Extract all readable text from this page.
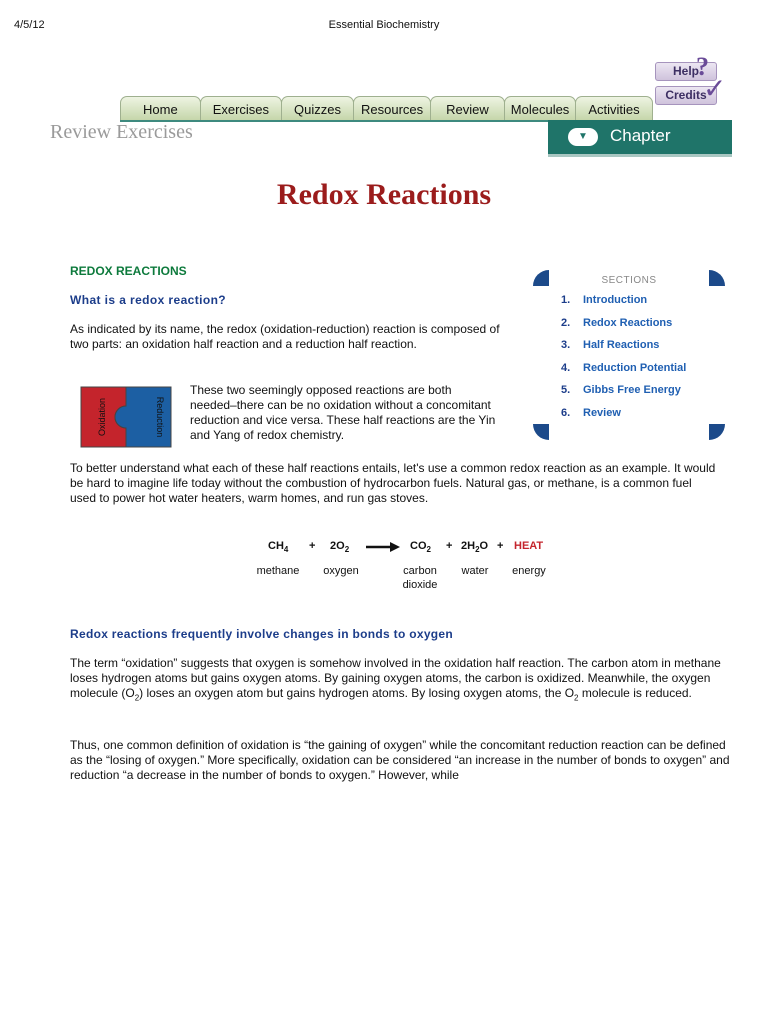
4/5/12	Essential Biochemistry
Help
?
Credits
✓
Home	Exercises	Quizzes	Resources	Review	Molecules	Activities
Review Exercises	▼	Chapter
Redox Reactions
REDOX REACTIONS
What is a redox reaction?
As indicated by its name, the redox (oxidation-reduction) reaction is composed of two parts: an oxidation half reaction and a reduction half reaction.
Oxidation	Reduction
These two seemingly opposed reactions are both needed–there can be no oxidation without a concomitant reduction and vice versa. These half reactions are the Yin and Yang of redox chemistry.
SECTIONS
1. Introduction
2. Redox Reactions
3. Half Reactions
4. Reduction Potential
5. Gibbs Free Energy
6. Review
To better understand what each of these half reactions entails, let's use a common redox reaction as an example. It would be hard to imagine life today without the combustion of hydrocarbon fuels. Natural gas, or methane, is a common fuel used to power hot water heaters, warm homes, and run gas stoves.
$CH_4 + 2O_2 \to CO_2 + 2H_2O$ + HEAT
methane	oxygen	carbon
dioxide
water	energy
Redox reactions frequently involve changes in bonds to oxygen
The term “oxidation” suggests that oxygen is somehow involved in the oxidation half reaction. The carbon atom in methane loses hydrogen atoms but gains oxygen atoms. By gaining oxygen atoms, the carbon is oxidized. Meanwhile, the oxygen molecule $(O_2)$ loses an oxygen atom but gains hydrogen atoms. By losing oxygen atoms, the $O_2$ molecule is reduced.
Thus, one common definition of oxidation is “the gaining of oxygen” while the concomitant reduction reaction can be defined as the “losing of oxygen.” More specifically, oxidation can be considered “an increase in the number of bonds to oxygen” and reduction “a decrease in the number of bonds to oxygen.” However, while
